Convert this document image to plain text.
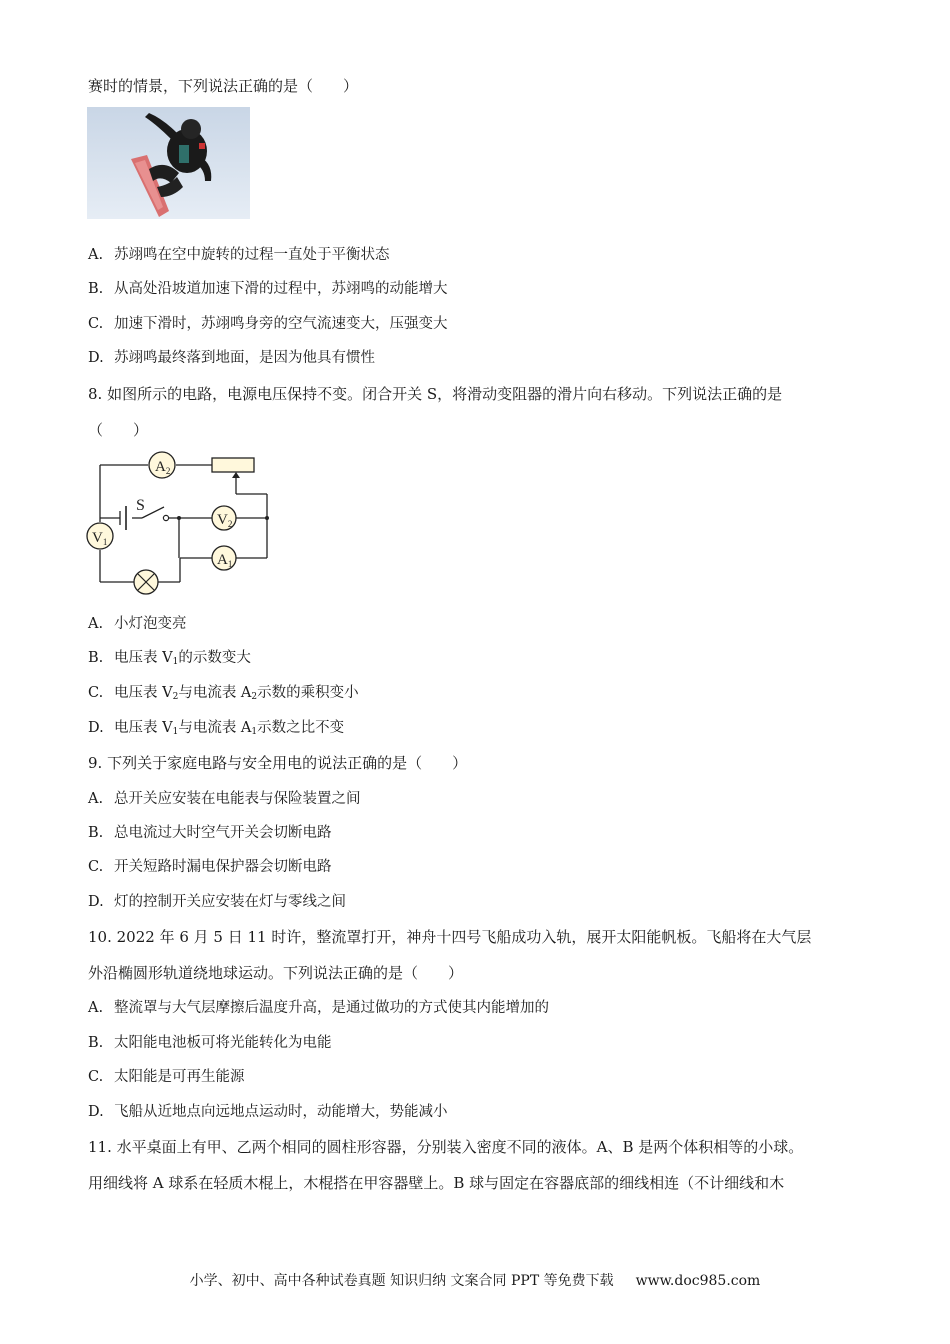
赛时的情景，下列说法正确的是（　　）
A. 苏翊鸣在空中旋转的过程一直处于平衡状态
B. 从高处沿坡道加速下滑的过程中，苏翊鸣的动能增大
C. 加速下滑时，苏翊鸣身旁的空气流速变大，压强变大
D. 苏翊鸣最终落到地面，是因为他具有惯性
8. 如图所示的电路，电源电压保持不变。闭合开关 S，将滑动变阻器的滑片向右移动。下列说法正确的是
（　　）
S
$A_2$
$V_2$
$V_1$
$A_1$
A. 小灯泡变亮
B. 电压表 $V_1$的示数变大
C. 电压表 $V_2$与电流表 $A_2$示数的乘积变小
D. 电压表 $V_1$与电流表 $A_1$示数之比不变
9. 下列关于家庭电路与安全用电的说法正确的是（　　）
A. 总开关应安装在电能表与保险装置之间
B. 总电流过大时空气开关会切断电路
C. 开关短路时漏电保护器会切断电路
D. 灯的控制开关应安装在灯与零线之间
10. 2022 年 6 月 5 日 11 时许，整流罩打开，神舟十四号飞船成功入轨，展开太阳能帆板。飞船将在大气层
外沿椭圆形轨道绕地球运动。下列说法正确的是（　　）
A. 整流罩与大气层摩擦后温度升高，是通过做功的方式使其内能增加的
B. 太阳能电池板可将光能转化为电能
C. 太阳能是可再生能源
D. 飞船从近地点向远地点运动时，动能增大，势能减小
11. 水平桌面上有甲、乙两个相同的圆柱形容器，分别装入密度不同的液体。A、B 是两个体积相等的小球。
用细线将 A 球系在轻质木棍上，木棍搭在甲容器壁上。B 球与固定在容器底部的细线相连（不计细线和木
小学、初中、高中各种试卷真题 知识归纳 文案合同 PPT 等免费下载 www.doc985.com
